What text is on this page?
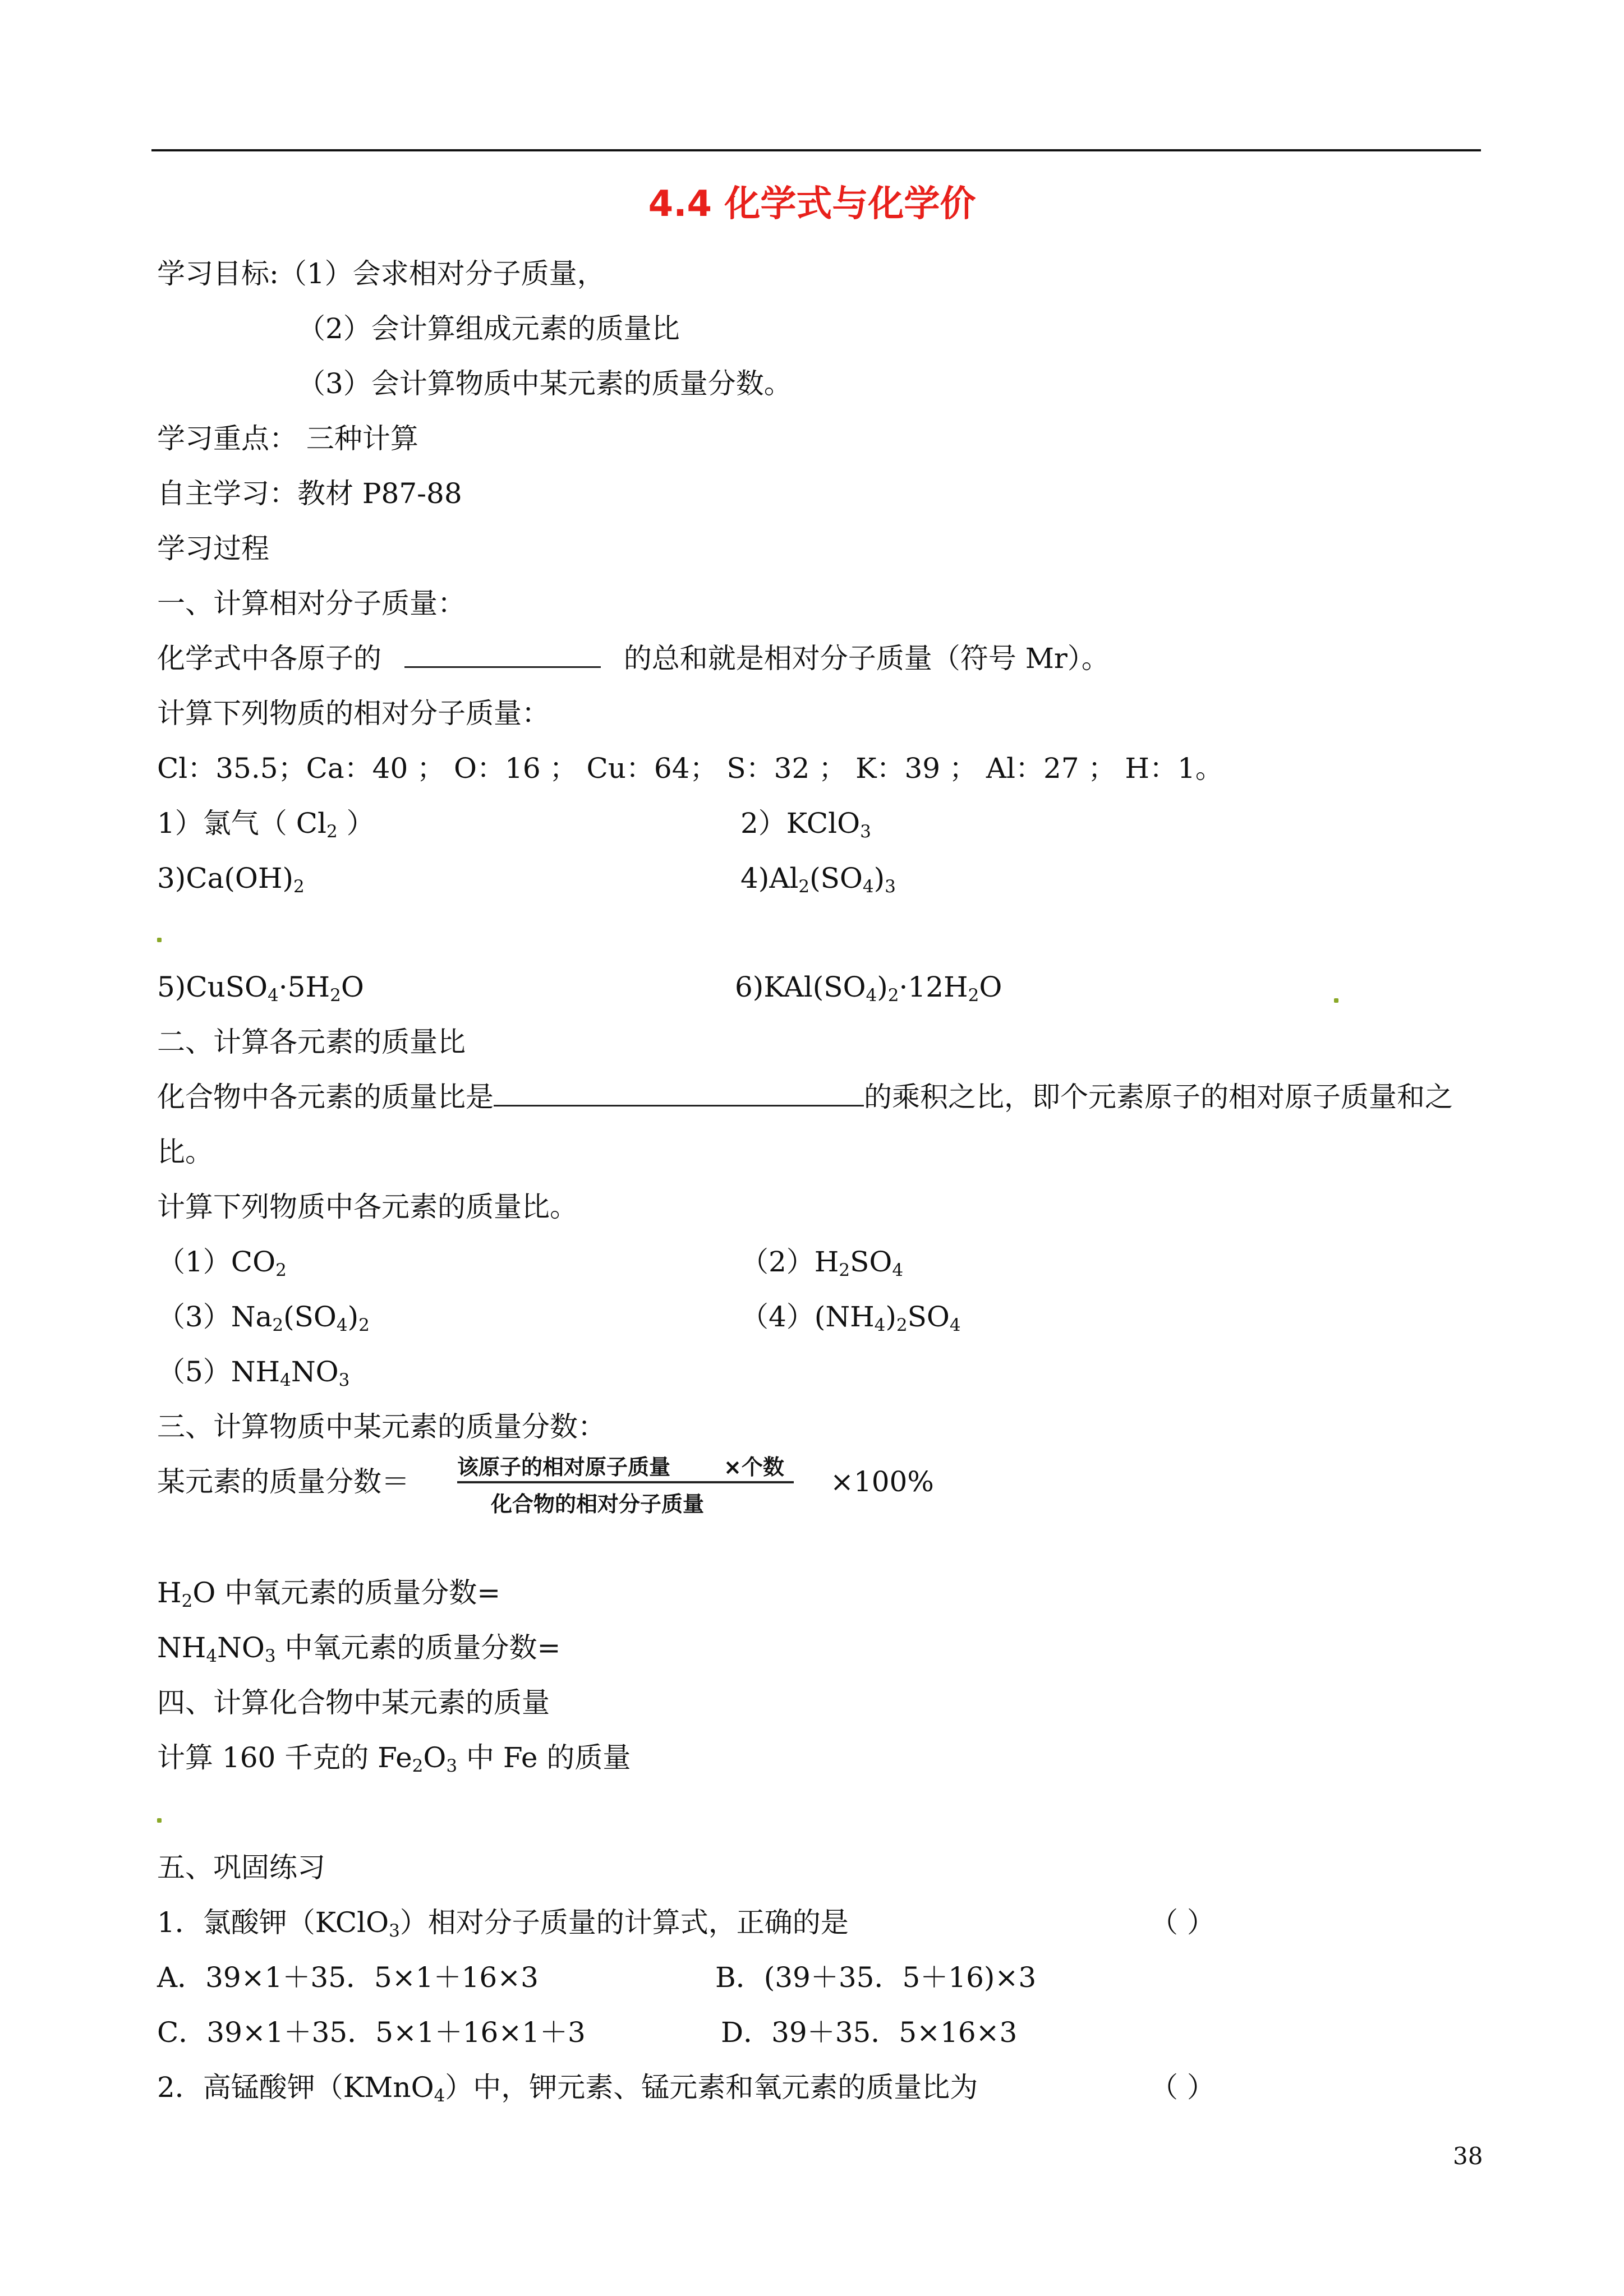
4.4 化学式与化学价
学习目标:（1）会求相对分子质量，
（2）会计算组成元素的质量比
（3）会计算物质中某元素的质量分数。
学习重点： 三种计算
自主学习：教材 P87-88
学习过程
一、计算相对分子质量：
化学式中各原子的	的总和就是相对分子质量（符号 Mr）。
计算下列物质的相对分子质量：
Cl：35.5；Ca：40 ； O：16 ； Cu：64； S：32 ； K：39 ； Al：27 ； H：1。
1）氯气（ $Cl_2$ ）	2）KClO$_3$
$3)Ca(OH)_2$	$4)Al_2(SO_4)_3$
$5)CuSO_4\cdot 5H_2O$	$6)KAl(SO_4)_2\cdot 12H_2O$
二、计算各元素的质量比
化合物中各元素的质量比是	的乘积之比，即个元素原子的相对原子质量和之
比。
计算下列物质中各元素的质量比。
$(1)CO_2$	$(2)H_2SO_4$
$(3)Na_2(SO_4)_2$	$(4)(NH_4)_2SO_4$
$(5)NH_4NO_3$
三、计算物质中某元素的质量分数：
某元素的质量分数＝ 该原子的相对原子质量 ×个数
化合物的相对分子质量
×100%
$H_2O$ 中氧元素的质量分数=
$NH_4NO_3$ 中氧元素的质量分数=
四、计算化合物中某元素的质量
计算 160 千克的 $Fe_2O_3$ 中 Fe 的质量
五、巩固练习
1．氯酸钾（KClO$_3$）相对分子质量的计算式，正确的是	（ ）
A．39×1＋35．5×1＋16×3	B．(39＋35．5＋16)×3
C．39×1＋35．5×1＋16×1＋3	D．39＋35．5×16×3
2．高锰酸钾（KMnO$_4$）中，钾元素、锰元素和氧元素的质量比为	（ ）
38
